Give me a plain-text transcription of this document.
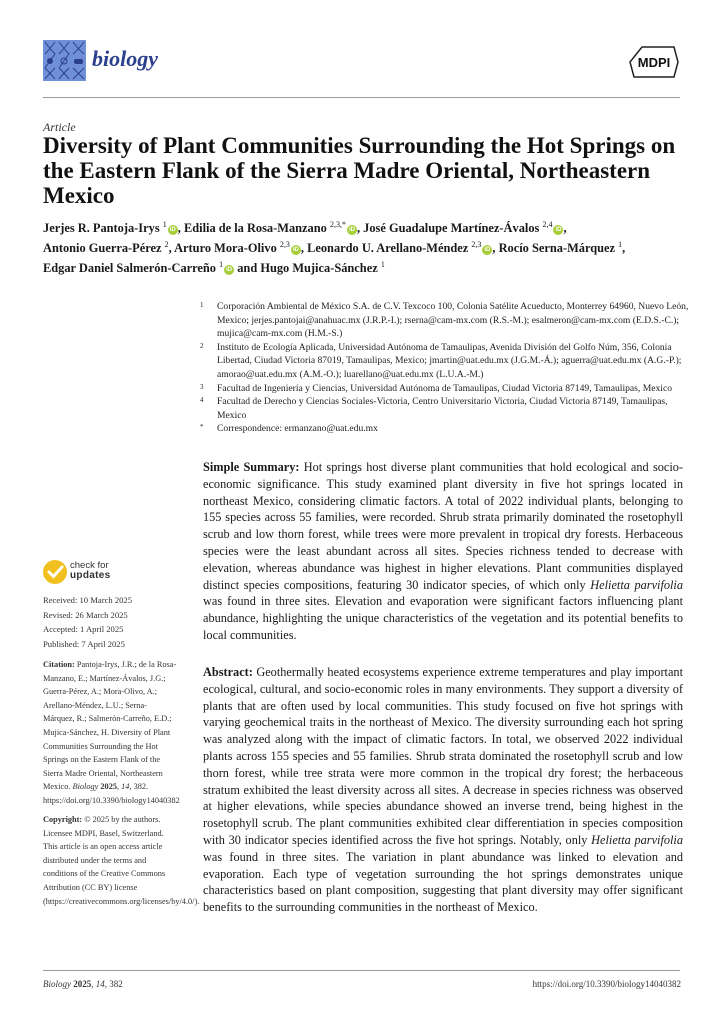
biology	MDPI
Article
Diversity of Plant Communities Surrounding the Hot Springs on the Eastern Flank of the Sierra Madre Oriental, Northeastern Mexico
Jerjes R. Pantoja-Irys $^1$iD , Edilia de la Rosa-Manzano $^{2,3,*}$iD , José Guadalupe Martínez-Ávalos $^{2,4}$iD ,
Antonio Guerra-Pérez $^2$, Arturo Mora-Olivo $^{2,3}$iD , Leonardo U. Arellano-Méndez $^{2,3}$iD , Rocío Serna-Márquez $^1$,
Edgar Daniel Salmerón-Carreño $^1$iD and Hugo Mujica-Sánchez $^1$
1 Corporación Ambiental de México S.A. de C.V. Texcoco 100, Colonia Satélite Acueducto, Monterrey 64960, Nuevo León, Mexico; jerjes.pantojai@anahuac.mx (J.R.P.-I.); rserna@cam-mx.com (R.S.-M.); esalmeron@cam-mx.com (E.D.S.-C.); mujica@cam-mx.com (H.M.-S.)
2 Instituto de Ecología Aplicada, Universidad Autónoma de Tamaulipas, Avenida División del Golfo Núm, 356, Colonia Libertad, Ciudad Victoria 87019, Tamaulipas, Mexico; jmartin@uat.edu.mx (J.G.M.-Á.); aguerra@uat.edu.mx (A.G.-P.); amorao@uat.edu.mx (A.M.-O.); luarellano@uat.edu.mx (L.U.A.-M.)
3 Facultad de Ingeniería y Ciencias, Universidad Autónoma de Tamaulipas, Ciudad Victoria 87149, Tamaulipas, Mexico
4 Facultad de Derecho y Ciencias Sociales-Victoria, Centro Universitario Victoria, Ciudad Victoria 87149, Tamaulipas, Mexico
* Correspondence: ermanzano@uat.edu.mx
Simple Summary: Hot springs host diverse plant communities that hold ecological and socio-economic significance. This study examined plant diversity in five hot springs located in northeast Mexico, considering climatic factors. A total of 2022 individual plants, belonging to 155 species across 55 families, were recorded. Shrub strata primarily dominated the rosetophyll scrub and low thorn forest, while trees were more prevalent in tropical dry forests. Herbaceous species were the least abundant across all sites. Species richness tended to decrease with elevation, whereas abundance was highest in higher elevations. Plant communities displayed distinct species compositions, featuring 30 indicator species, of which only Helietta parvifolia was found in three sites. Elevation and evaporation were significant factors influencing plant abundance, highlighting the unique characteristics of the vegetation and its potential benefits to local communities.
Abstract: Geothermally heated ecosystems experience extreme temperatures and play important ecological, cultural, and socio-economic roles in many environments. They support a diversity of plants that are often used by local communities. This study focused on five hot springs with varying geochemical traits in the northeast of Mexico. The diversity surrounding each hot spring was analyzed along with the impact of climatic factors. In total, we observed 2022 individual plants across 155 species and 55 families. Shrub strata dominated the rosetophyll scrub and low thorn forest, while tree strata were more common in the tropical dry forest; the herbaceous stratum exhibited the least diversity across all sites. A decrease in species richness was observed at higher elevations, while species abundance showed an inverse trend, being highest in the rosetophyll scrub. The plant communities exhibited clear differentiation in species composition with 30 indicator species identified across the five hot springs. Notably, only Helietta parvifolia was found in three sites. The variation in plant abundance was linked to elevation and evaporation. Each type of vegetation surrounding the hot springs demonstrates unique characteristics based on plant composition, suggesting that plant diversity may offer significant benefits to the surrounding communities in the northeast of Mexico.
check for
updates
Received: 10 March 2025
Revised: 26 March 2025
Accepted: 1 April 2025
Published: 7 April 2025
Citation: Pantoja-Irys, J.R.; de la Rosa-Manzano, E.; Martínez-Ávalos, J.G.; Guerra-Pérez, A.; Mora-Olivo, A.; Arellano-Méndez, L.U.; Serna-Márquez, R.; Salmerón-Carreño, E.D.; Mujica-Sánchez, H. Diversity of Plant Communities Surrounding the Hot Springs on the Eastern Flank of the Sierra Madre Oriental, Northeastern Mexico. Biology 2025, 14, 382. https://doi.org/10.3390/biology14040382
Copyright: © 2025 by the authors. Licensee MDPI, Basel, Switzerland. This article is an open access article distributed under the terms and conditions of the Creative Commons Attribution (CC BY) license (https://creativecommons.org/licenses/by/4.0/).
Biology 2025, 14, 382	https://doi.org/10.3390/biology14040382
